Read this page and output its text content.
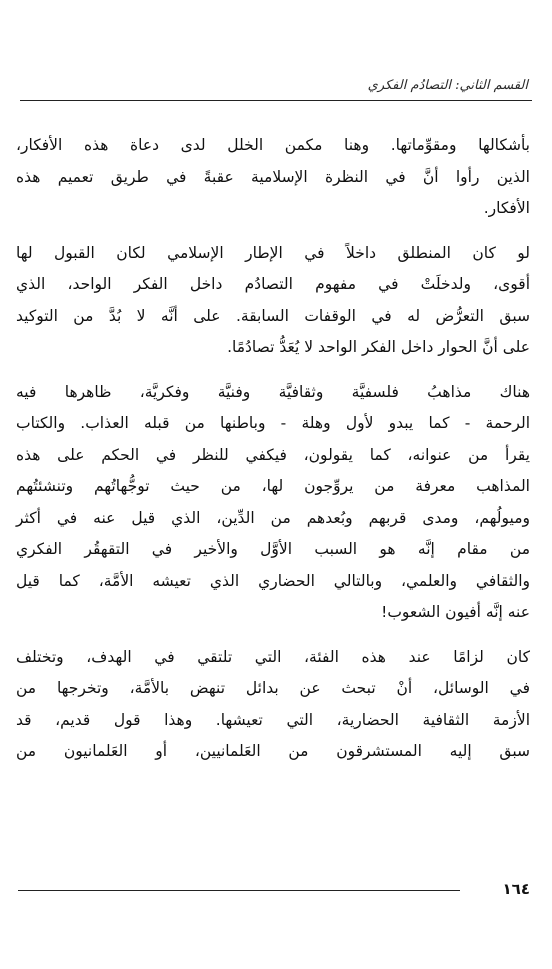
القسم الثاني: التصادُم الفكري
بأشكالها ومقوِّماتها. وهنا مكمن الخلل لدى دعاة هذه الأفكار،
الذين رأوا أنَّ في النظرة الإسلامية عقبةً في طريق تعميم هذه
الأفكار.
لو كان المنطلق داخلاً في الإطار الإسلامي لكان القبول لها
أقوى، ولدخلَتْ في مفهوم التصادُم داخل الفكر الواحد، الذي
سبق التعرُّض له في الوقفات السابقة. على أنَّه لا بُدَّ من التوكيد
على أنَّ الحوار داخل الفكر الواحد لا يُعَدُّ تصادُمًا.
هناك مذاهبُ فلسفيَّة وثقافيَّة وفنيَّة وفكريَّة، ظاهرها فيه
الرحمة - كما يبدو لأول وهلة - وباطنها من قبله العذاب. والكتاب
يقرأ من عنوانه، كما يقولون، فيكفي للنظر في الحكم على هذه
المذاهب معرفة من يروِّجون لها، من حيث توجُّهاتُهم وتنشئتُهم
وميولُهم، ومدى قربهم وبُعدهم من الدِّين، الذي قيل عنه في أكثر
من مقام إنَّه هو السبب الأوَّل والأخير في التقهقُر الفكري
والثقافي والعلمي، وبالتالي الحضاري الذي تعيشه الأمَّة، كما قيل
عنه إنَّه أفيون الشعوب!
كان لزامًا عند هذه الفئة، التي تلتقي في الهدف، وتختلف
في الوسائل، أنْ تبحث عن بدائل تنهض بالأمَّة، وتخرجها من
الأزمة الثقافية الحضارية، التي تعيشها. وهذا قول قديم، قد
سبق إليه المستشرقون من العَلمانيين، أو العَلمانيون من
١٦٤
